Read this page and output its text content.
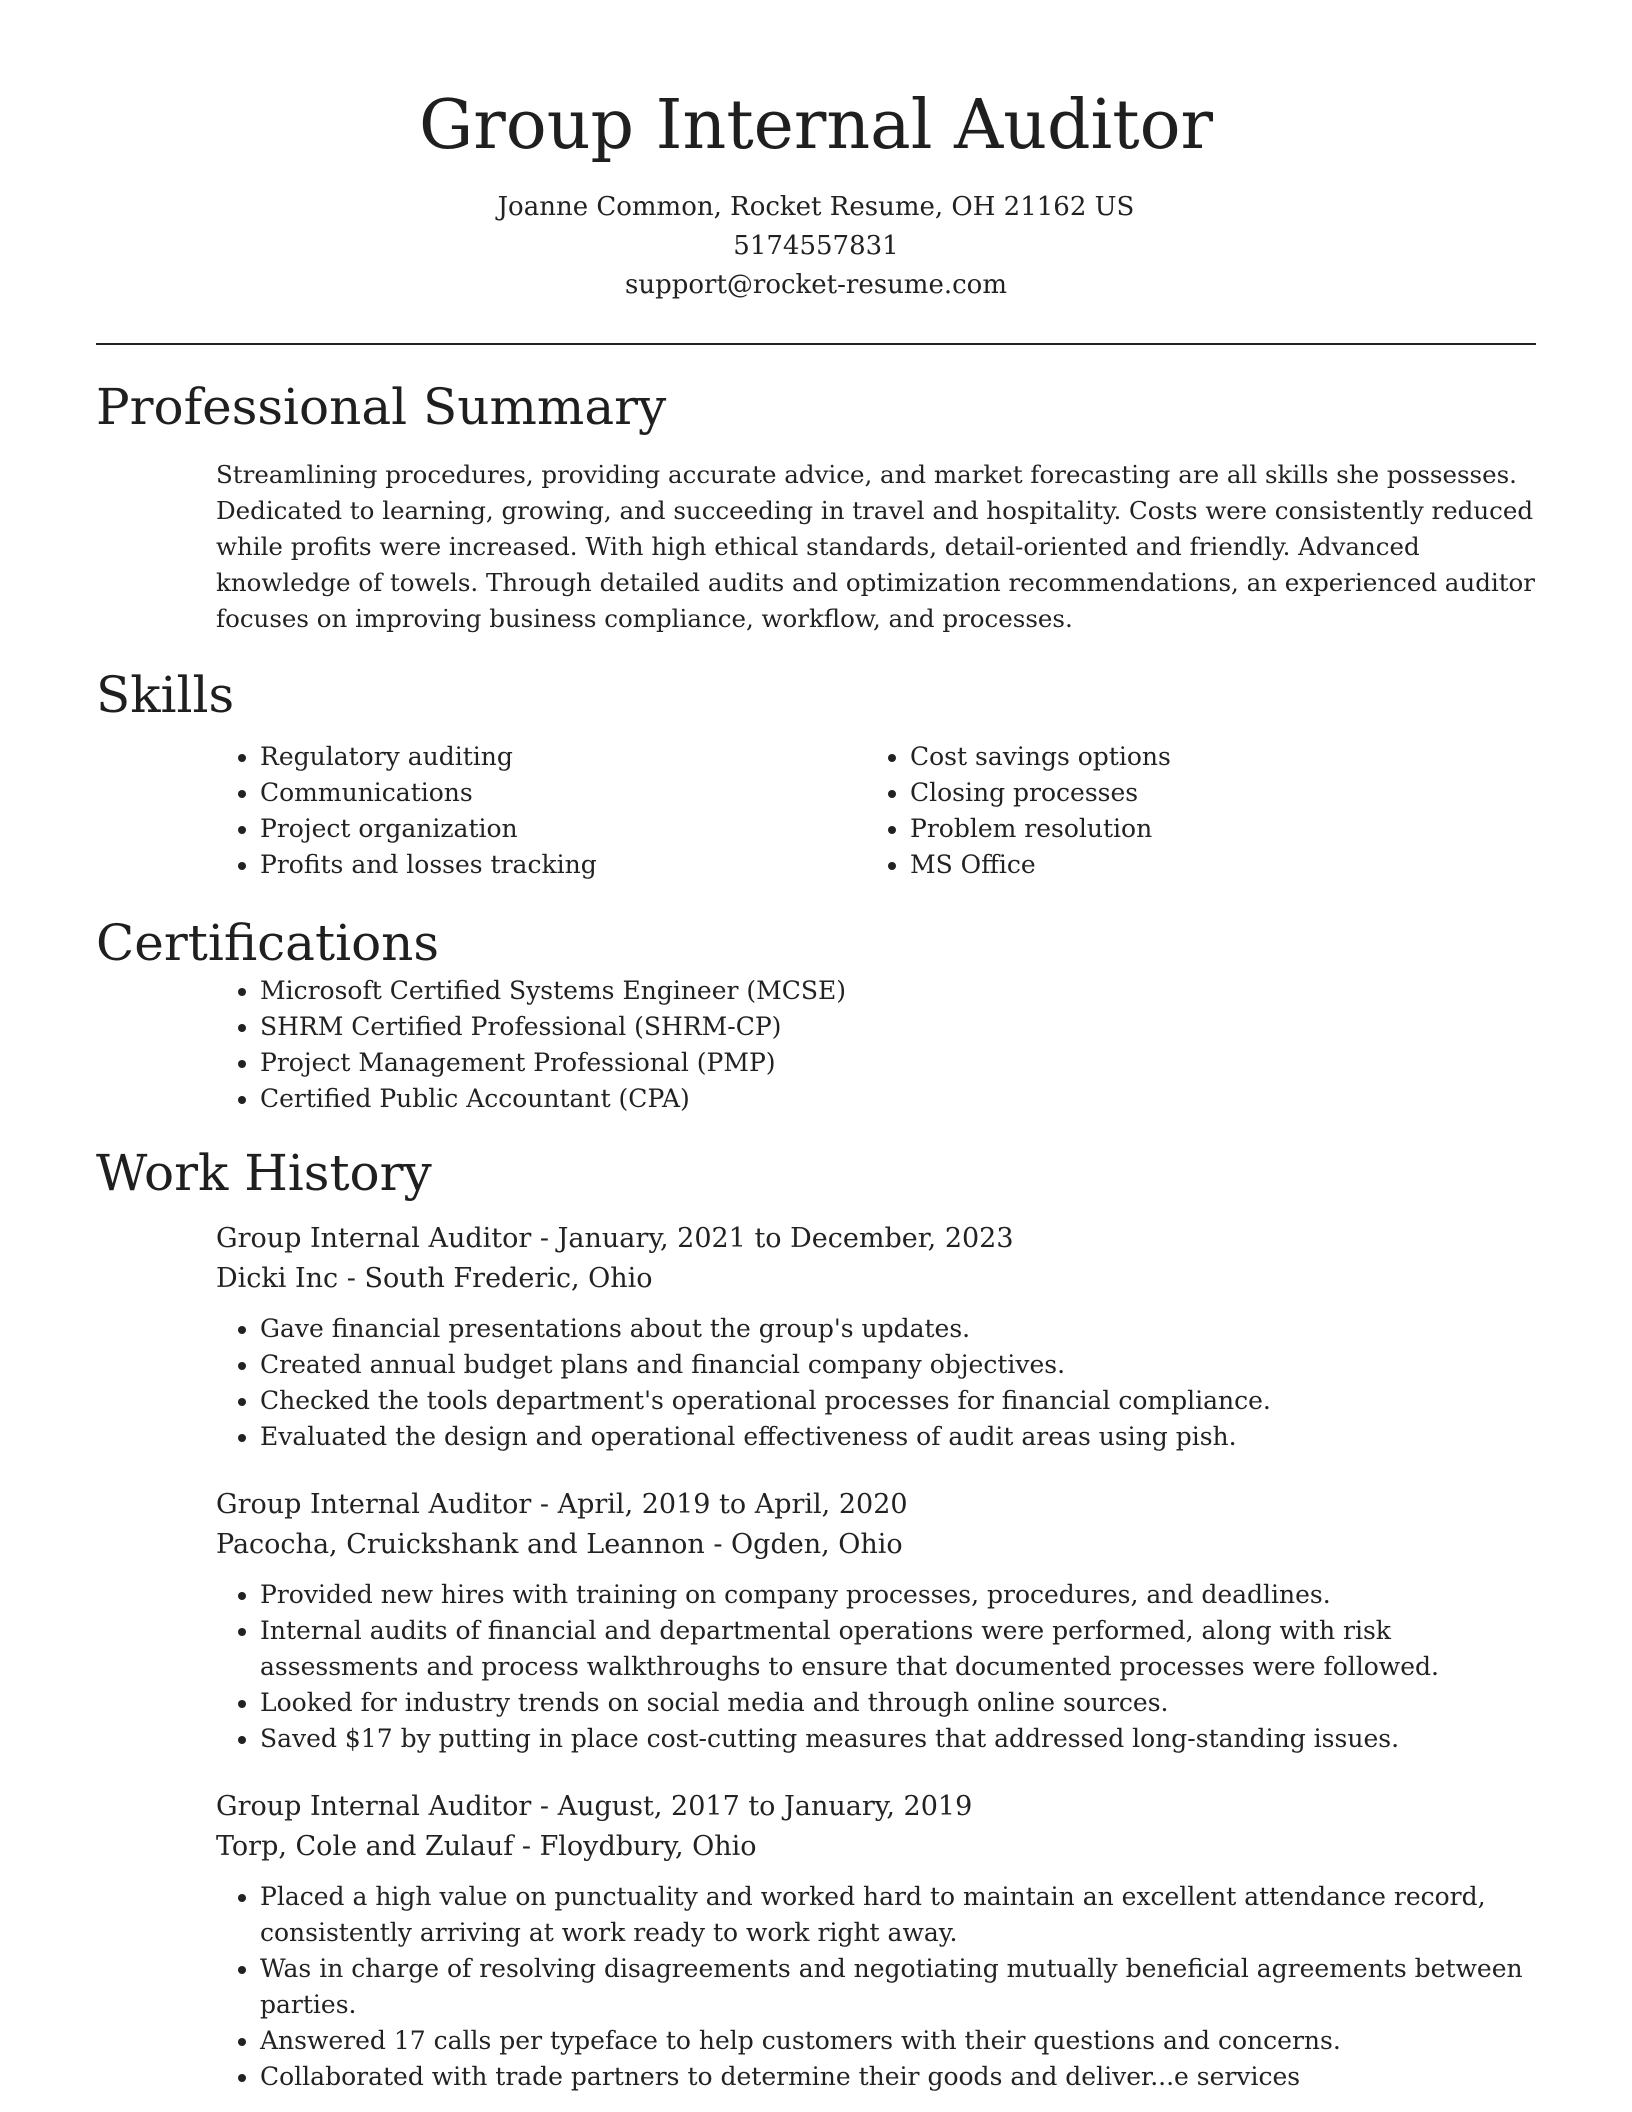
Group Internal Auditor
Joanne Common, Rocket Resume, OH 21162 US
5174557831
support@rocket-resume.com
Professional Summary

Streamlining procedures, providing accurate advice, and market forecasting are all skills she possesses. Dedicated to learning, growing, and succeeding in travel and hospitality. Costs were consistently reduced while profits were increased. With high ethical standards, detail-oriented and friendly. Advanced knowledge of towels. Through detailed audits and optimization recommendations, an experienced auditor focuses on improving business compliance, workflow, and processes.

Skills
• Regulatory auditing
• Communications
• Project organization
• Profits and losses tracking
• Cost savings options
• Closing processes
• Problem resolution
• MS Office
Certifications
• Microsoft Certified Systems Engineer (MCSE)
• SHRM Certified Professional (SHRM-CP)
• Project Management Professional (PMP)
• Certified Public Accountant (CPA)
Work History
Group Internal Auditor - January, 2021 to December, 2023
Dicki Inc - South Frederic, Ohio
• Gave financial presentations about the group's updates.
• Created annual budget plans and financial company objectives.
• Checked the tools department's operational processes for financial compliance.
• Evaluated the design and operational effectiveness of audit areas using pish.
Group Internal Auditor - April, 2019 to April, 2020
Pacocha, Cruickshank and Leannon - Ogden, Ohio
• Provided new hires with training on company processes, procedures, and deadlines.
• Internal audits of financial and departmental operations were performed, along with risk assessments and process walkthroughs to ensure that documented processes were followed.
• Looked for industry trends on social media and through online sources.
• Saved $17 by putting in place cost-cutting measures that addressed long-standing issues.
Group Internal Auditor - August, 2017 to January, 2019
Torp, Cole and Zulauf - Floydbury, Ohio
• Placed a high value on punctuality and worked hard to maintain an excellent attendance record, consistently arriving at work ready to work right away.
• Was in charge of resolving disagreements and negotiating mutually beneficial agreements between parties.
• Answered 17 calls per typeface to help customers with their questions and concerns.
• Collaborated with trade partners to determine their goods and deliver...e services
